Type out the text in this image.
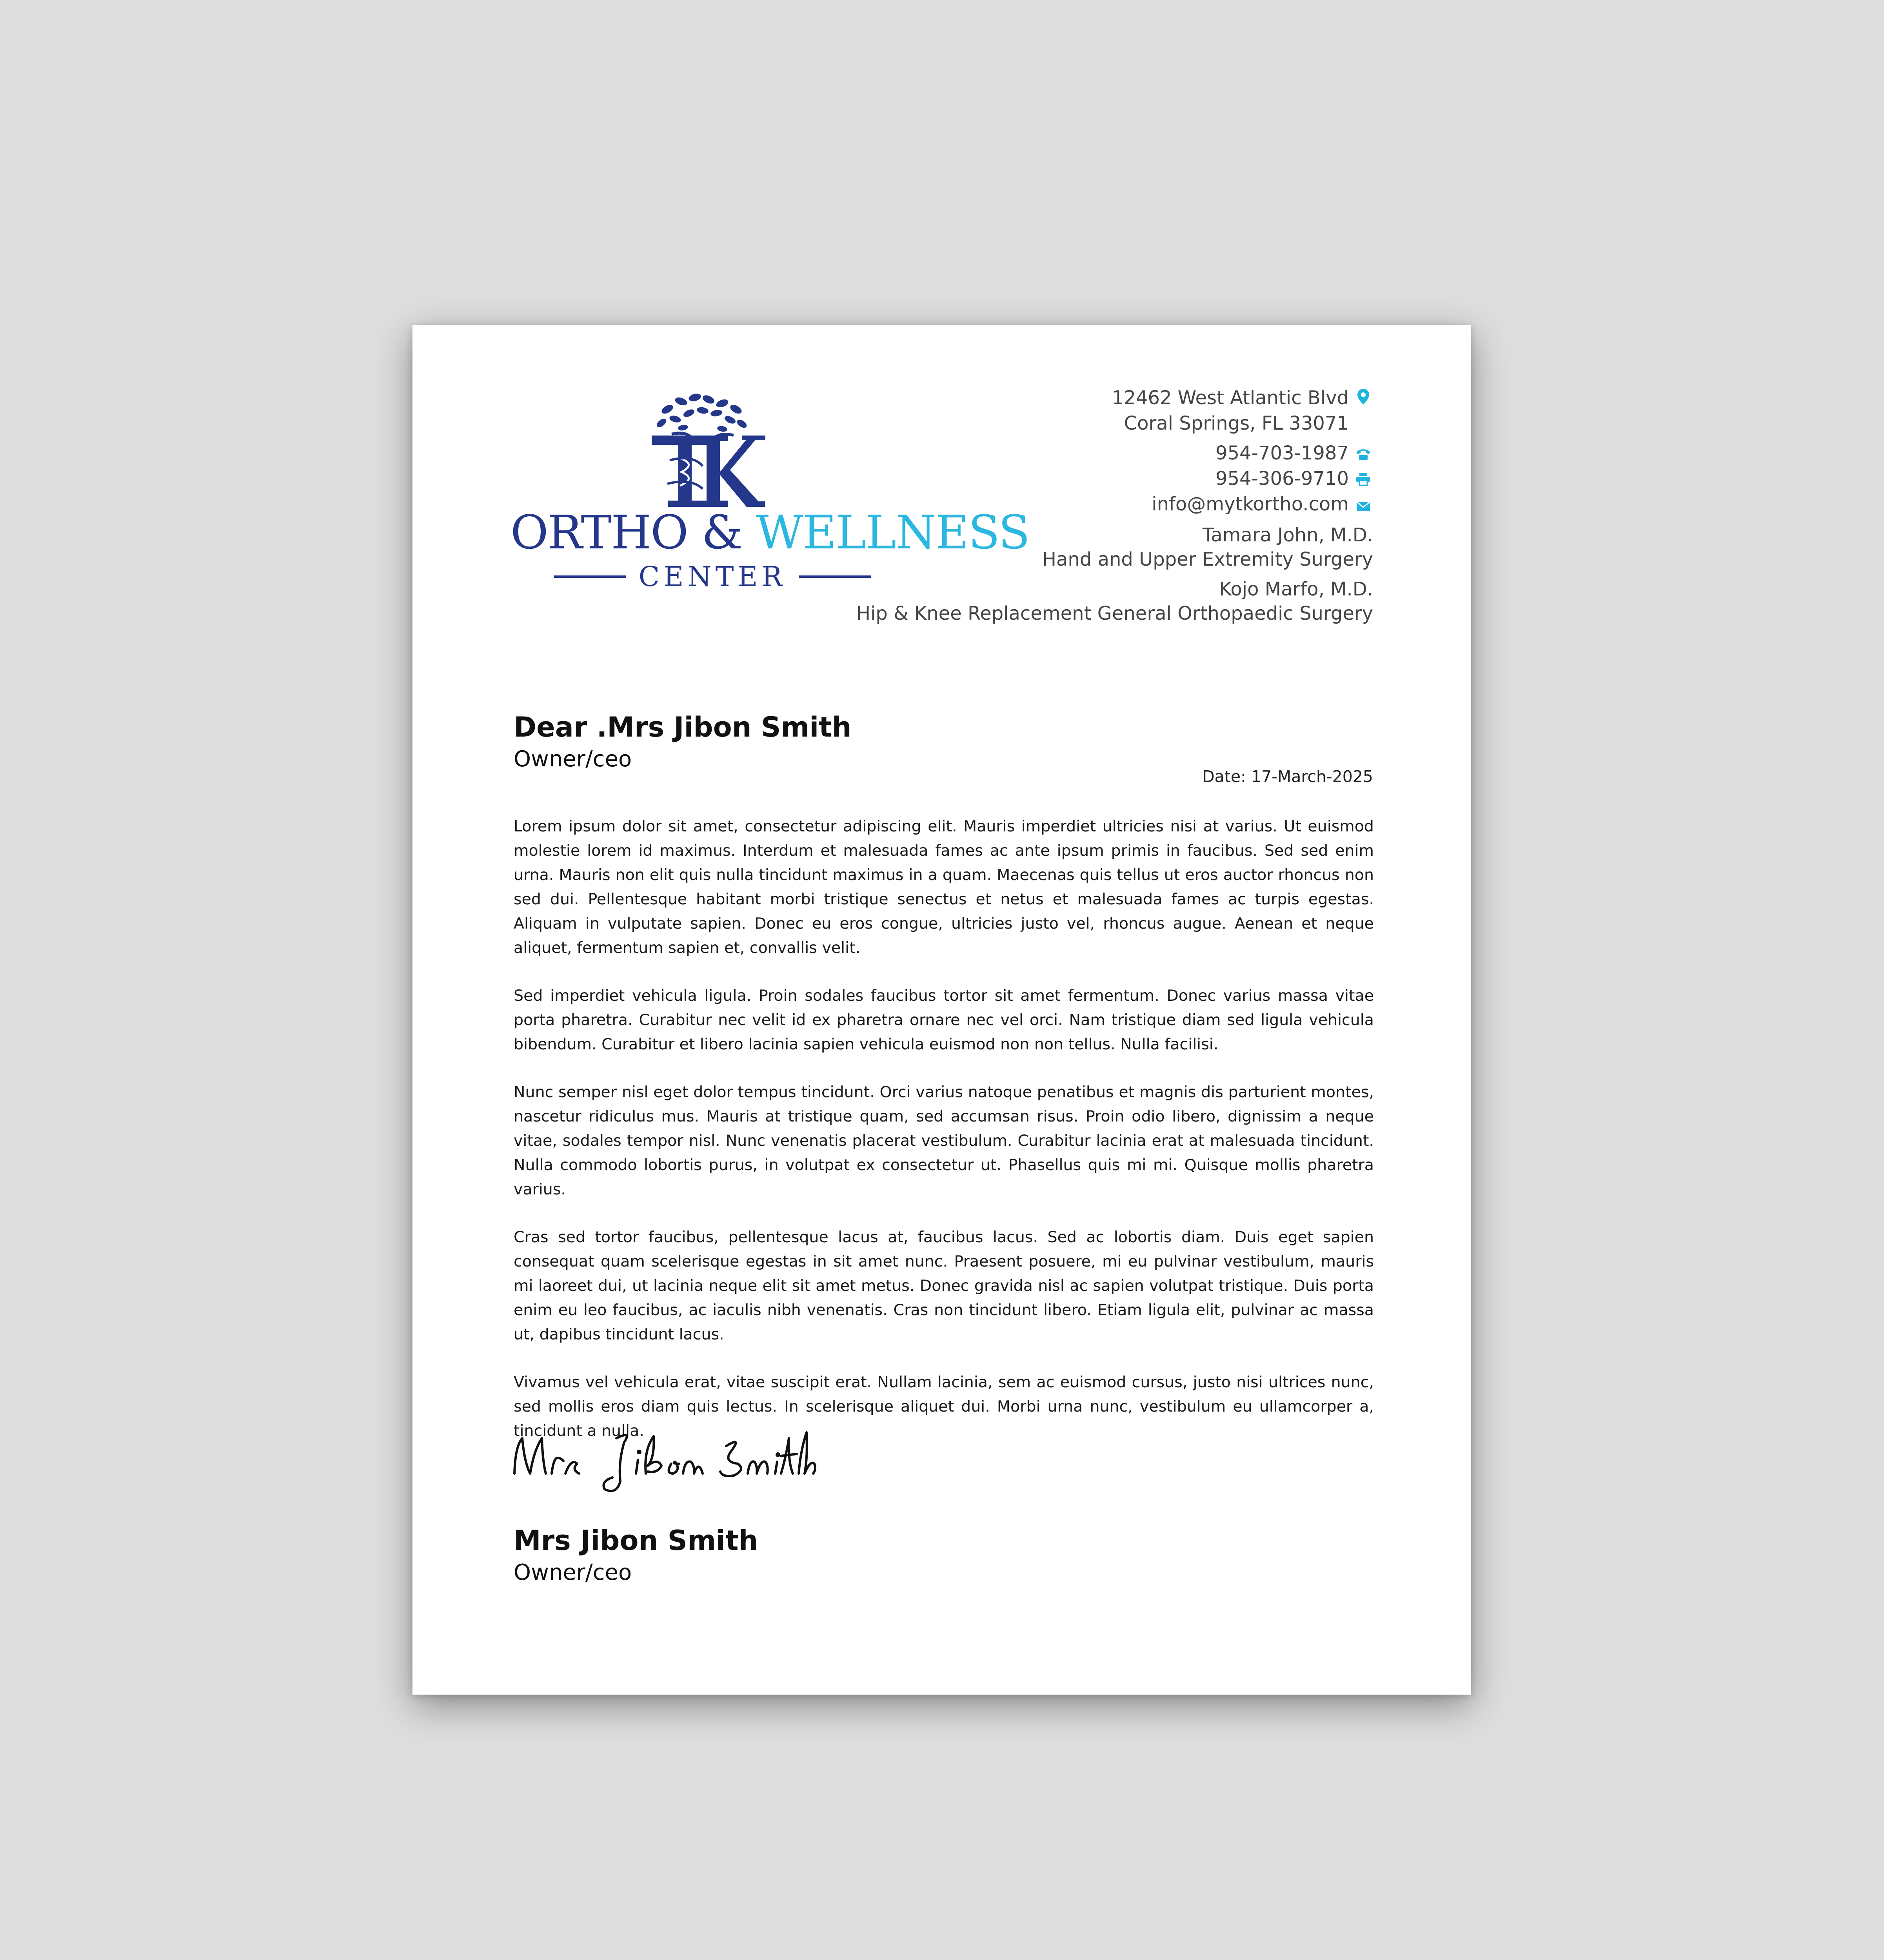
ORTHO & WELLNESS
CENTER
12462 West Atlantic Blvd
Coral Springs, FL 33071
954-703-1987
954-306-9710
info@mytkortho.com
Tamara John, M.D.
Hand and Upper Extremity Surgery
Kojo Marfo, M.D.
Hip & Knee Replacement General Orthopaedic Surgery
Dear .Mrs Jibon Smith
Owner/ceo
Date: 17-March-2025

Lorem ipsum dolor sit amet, consectetur adipiscing elit. Mauris imperdiet ultricies nisi at varius. Ut euismod molestie lorem id maximus. Interdum et malesuada fames ac ante ipsum primis in faucibus. Sed sed enim urna. Mauris non elit quis nulla tincidunt maximus in a quam. Maecenas quis tellus ut eros auctor rhoncus non sed dui. Pellentesque habitant morbi tristique senectus et netus et malesuada fames ac turpis egestas. Aliquam in vulputate sapien. Donec eu eros congue, ultricies justo vel, rhoncus augue. Aenean et neque aliquet, fermentum sapien et, convallis velit.

Sed imperdiet vehicula ligula. Proin sodales faucibus tortor sit amet fermentum. Donec varius massa vitae porta pharetra. Curabitur nec velit id ex pharetra ornare nec vel orci. Nam tristique diam sed ligula vehicula bibendum. Curabitur et libero lacinia sapien vehicula euismod non non tellus. Nulla facilisi.

Nunc semper nisl eget dolor tempus tincidunt. Orci varius natoque penatibus et magnis dis parturient montes, nascetur ridiculus mus. Mauris at tristique quam, sed accumsan risus. Proin odio libero, dignissim a neque vitae, sodales tempor nisl. Nunc venenatis placerat vestibulum. Curabitur lacinia erat at malesuada tincidunt. Nulla commodo lobortis purus, in volutpat ex consectetur ut. Phasellus quis mi mi. Quisque mollis pharetra varius.

Cras sed tortor faucibus, pellentesque lacus at, faucibus lacus. Sed ac lobortis diam. Duis eget sapien consequat quam scelerisque egestas in sit amet nunc. Praesent posuere, mi eu pulvinar vestibulum, mauris mi laoreet dui, ut lacinia neque elit sit amet metus. Donec gravida nisl ac sapien volutpat tristique. Duis porta enim eu leo faucibus, ac iaculis nibh venenatis. Cras non tincidunt libero. Etiam ligula elit, pulvinar ac massa ut, dapibus tincidunt lacus.

Vivamus vel vehicula erat, vitae suscipit erat. Nullam lacinia, sem ac euismod cursus, justo nisi ultrices nunc, sed mollis eros diam quis lectus. In scelerisque aliquet dui. Morbi urna nunc, vestibulum eu ullamcorper a, tincidunt a nulla.

Mrs Jibon Smith
Owner/ceo
